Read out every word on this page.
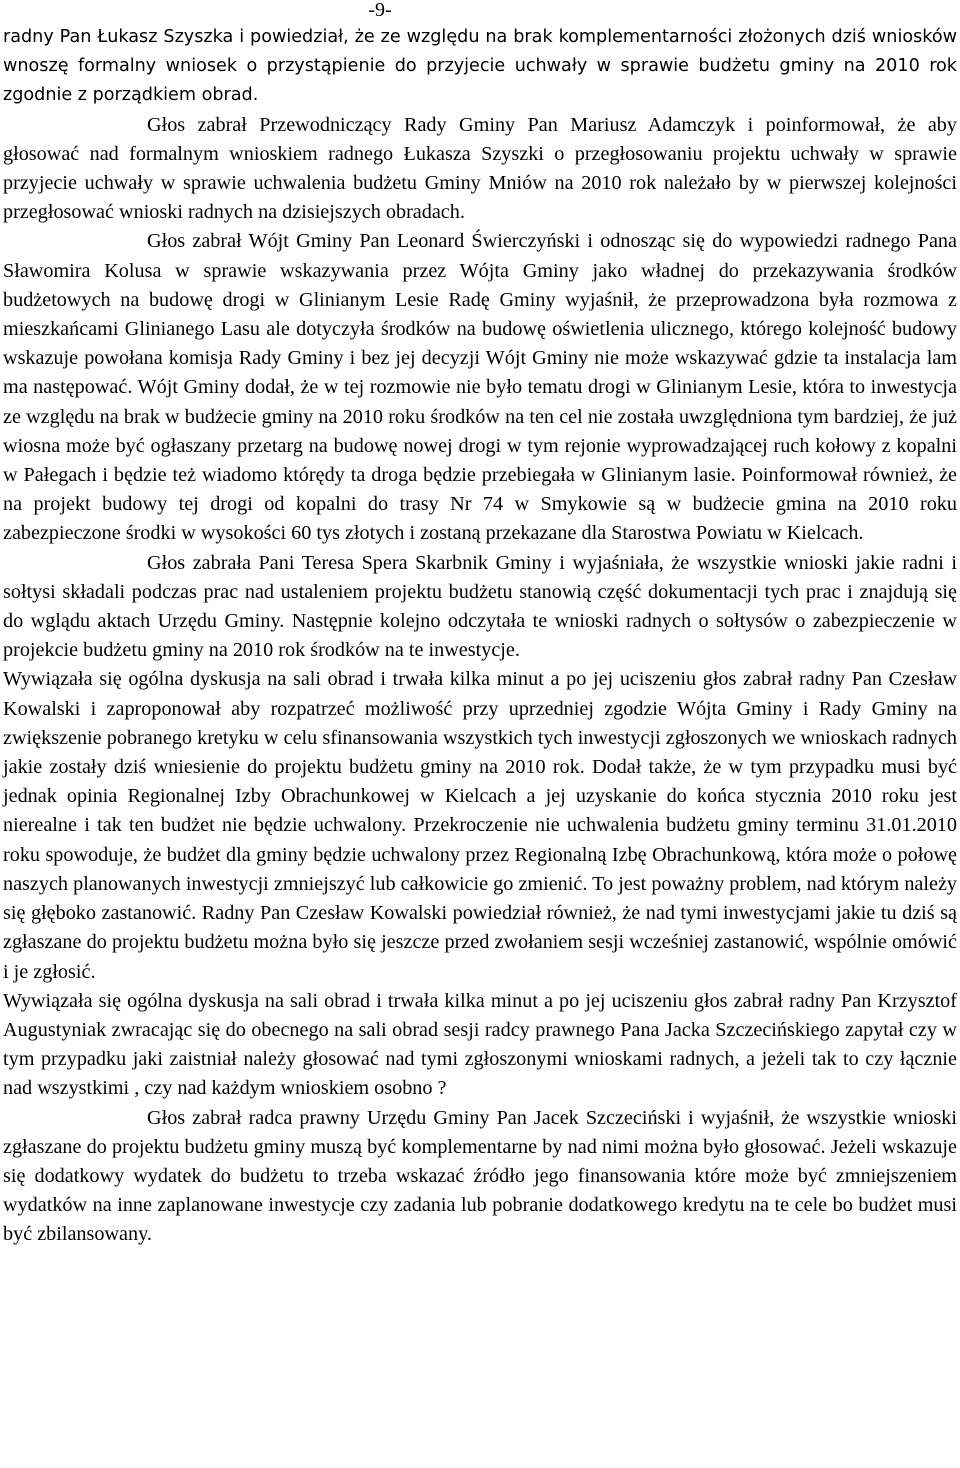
-9-

radny Pan Łukasz Szyszka i powiedział, że ze względu na brak komplementarności złożonych dziś wniosków wnoszę formalny wniosek o przystąpienie do przyjecie uchwały w sprawie budżetu gminy na 2010 rok zgodnie z porządkiem obrad.

Głos zabrał Przewodniczący Rady Gminy Pan Mariusz Adamczyk i poinformował, że aby głosować nad formalnym wnioskiem radnego Łukasza Szyszki o przegłosowaniu projektu uchwały w sprawie przyjecie uchwały w sprawie uchwalenia budżetu Gminy Mniów na 2010 rok należało by w pierwszej kolejności przegłosować wnioski radnych na dzisiejszych obradach.

Głos zabrał Wójt Gminy Pan Leonard Świerczyński i odnosząc się do wypowiedzi radnego Pana Sławomira Kolusa w sprawie wskazywania przez Wójta Gminy jako władnej do przekazywania środków budżetowych na budowę drogi w Glinianym Lesie Radę Gminy wyjaśnił, że przeprowadzona była rozmowa z mieszkańcami Glinianego Lasu ale dotyczyła środków na budowę oświetlenia ulicznego, którego kolejność budowy wskazuje powołana komisja Rady Gminy i bez jej decyzji Wójt Gminy nie może wskazywać gdzie ta instalacja lam ma następować. Wójt Gminy dodał, że w tej rozmowie nie było tematu drogi w Glinianym Lesie, która to inwestycja ze względu na brak w budżecie gminy na 2010 roku środków na ten cel nie została uwzględniona tym bardziej, że już wiosna może być ogłaszany przetarg na budowę nowej drogi w tym rejonie wyprowadzającej ruch kołowy z kopalni w Pałegach i będzie też wiadomo którędy ta droga będzie przebiegała w Glinianym lasie. Poinformował również, że na projekt budowy tej drogi od kopalni do trasy Nr 74 w Smykowie są w budżecie gmina na 2010 roku zabezpieczone środki w wysokości 60 tys złotych i zostaną przekazane dla Starostwa Powiatu w Kielcach.

Głos zabrała Pani Teresa Spera Skarbnik Gminy i wyjaśniała, że wszystkie wnioski jakie radni i sołtysi składali podczas prac nad ustaleniem projektu budżetu stanowią część dokumentacji tych prac i znajdują się do wglądu aktach Urzędu Gminy. Następnie kolejno odczytała te wnioski radnych o sołtysów o zabezpieczenie w projekcie budżetu gminy na 2010 rok środków na te inwestycje.

Wywiązała się ogólna dyskusja na sali obrad i trwała kilka minut a po jej uciszeniu głos zabrał radny Pan Czesław Kowalski i zaproponował aby rozpatrzeć możliwość przy uprzedniej zgodzie Wójta Gminy i Rady Gminy na zwiększenie pobranego kretyku w celu sfinansowania wszystkich tych inwestycji zgłoszonych we wnioskach radnych jakie zostały dziś wniesienie do projektu budżetu gminy na 2010 rok. Dodał także, że w tym przypadku musi być jednak opinia Regionalnej Izby Obrachunkowej w Kielcach a jej uzyskanie do końca stycznia 2010 roku jest nierealne i tak ten budżet nie będzie uchwalony. Przekroczenie nie uchwalenia budżetu gminy terminu 31.01.2010 roku spowoduje, że budżet dla gminy będzie uchwalony przez Regionalną Izbę Obrachunkową, która może o połowę naszych planowanych inwestycji zmniejszyć lub całkowicie go zmienić. To jest poważny problem, nad którym należy się głęboko zastanowić. Radny Pan Czesław Kowalski powiedział również, że nad tymi inwestycjami jakie tu dziś są zgłaszane do projektu budżetu można było się jeszcze przed zwołaniem sesji wcześniej zastanowić, wspólnie omówić i je zgłosić.

Wywiązała się ogólna dyskusja na sali obrad i trwała kilka minut a po jej uciszeniu głos zabrał radny Pan Krzysztof Augustyniak zwracając się do obecnego na sali obrad sesji radcy prawnego Pana Jacka Szczecińskiego zapytał czy w tym przypadku jaki zaistniał należy głosować nad tymi zgłoszonymi wnioskami radnych, a jeżeli tak to czy łącznie nad wszystkimi , czy nad każdym wnioskiem osobno ?

Głos zabrał radca prawny Urzędu Gminy Pan Jacek Szczeciński i wyjaśnił, że wszystkie wnioski zgłaszane do projektu budżetu gminy muszą być komplementarne by nad nimi można było głosować. Jeżeli wskazuje się dodatkowy wydatek do budżetu to trzeba wskazać źródło jego finansowania które może być zmniejszeniem wydatków na inne zaplanowane inwestycje czy zadania lub pobranie dodatkowego kredytu na te cele bo budżet musi być zbilansowany.
